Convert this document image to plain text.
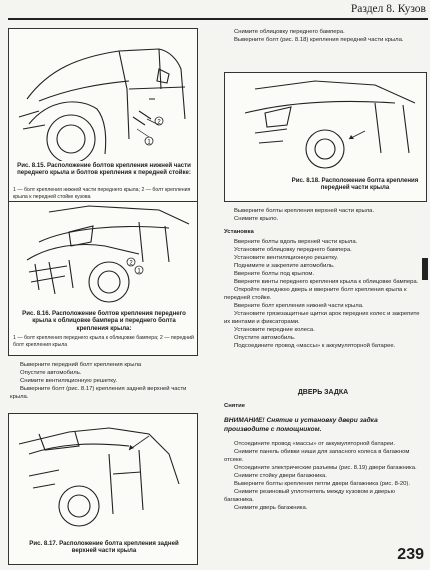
Раздел 8. Кузов
2
1
Рис. 8.15. Расположение болтов крепления нижней части переднего крыла и болтов крепления к передней стойке:
1 — болт крепления нижней части переднего крыла; 2 — болт крепления крыла к передней стойке кузова
2
1
Рис. 8.16. Расположение болтов крепления переднего крыла к облицовке бампера и переднего болта крепления крыла:
1 — болт крепления переднего крыла к облицовке бампера; 2 — передний болт крепления крыла

Выверните передний болт крепления крыла

Опустите автомобиль.

Снимите вентиляционную решетку.

Выверните болт (рис. 8.17) крепления задней верхней части крыла.

Рис. 8.17. Расположение болта крепления задней верхней части крыла

Снимите облицовку переднего бампера.

Выверните болт (рис. 8.18) крепления передней части крыла.

Рис. 8.18. Расположение болта крепления передней части крыла

Выверните болты крепления верхней части крыла.

Снимите крыло.

Установка

Вверните болты вдоль верхней части крыла.

Установите облицовку переднего бампера.

Установите вентиляционную решетку.

Поднимите и закрепите автомобиль.

Вверните болты под крылом.

Вверните винты переднего крепления крыла к облицовке бампера.

Откройте переднюю дверь и вверните болт крепления крыла к передней стойке.

Вверните болт крепления нижней части крыла.

Установите грязезащитные щитки арок передних колес и закрепите их винтами и фиксаторами.

Установите передние колеса.

Опустите автомобиль.

Подсоедините провод «массы» к аккумуляторной батарее.

ДВЕРЬ ЗАДКА
Снятие
ВНИМАНИЕ! Снятие и установку двери задка производите с помощником.

Отсоедините провод «массы» от аккумуляторной батареи.

Снимите панель обивки ниши для запасного колеса в багажном отсеке.

Отсоедините электрические разъемы (рис. 8.19) двери багажника.

Снимите стойку двери багажника.

Выверните болты крепления петли двери багажника (рис. 8-20).

Снимите резиновый уплотнитель между кузовом и дверью багажника.

Снимите дверь багажника.

239
